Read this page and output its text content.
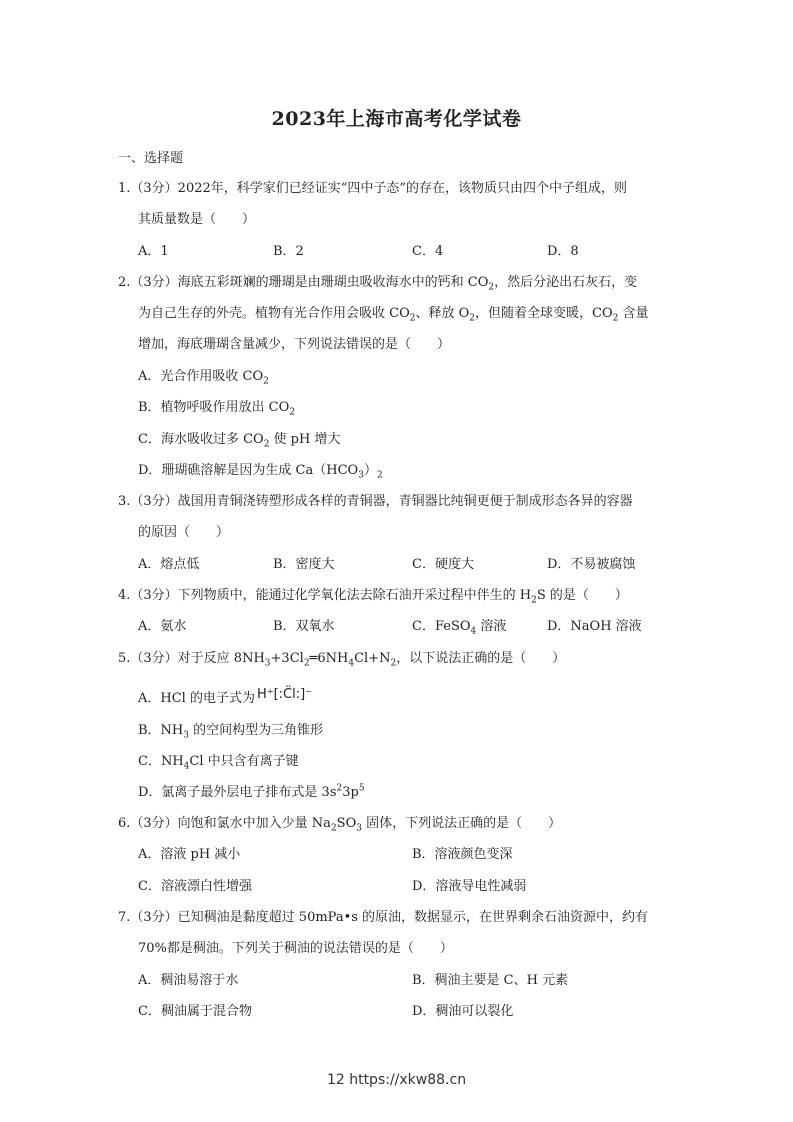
2023年上海市高考化学试卷
一、选择题
1.（3分）2022年，科学家们已经证实“四中子态”的存在，该物质只由四个中子组成，则
其质量数是（　　）
A．1	B．2	C．4	D．8
2.（3分）海底五彩斑斓的珊瑚是由珊瑚虫吸收海水中的钙和 $CO_2$，然后分泌出石灰石，变
为自己生存的外壳。植物有光合作用会吸收 $CO_2$、释放 $O_2$，但随着全球变暖，$CO_2$ 含量
增加，海底珊瑚含量减少，下列说法错误的是（　　）
A．光合作用吸收 $CO_2$
B．植物呼吸作用放出 $CO_2$
C．海水吸收过多 $CO_2$ 使 pH 增大
D．珊瑚礁溶解是因为生成 $Ca(HCO_3)_2$
3.（3分）战国用青铜浇铸塑形成各样的青铜器，青铜器比纯铜更便于制成形态各异的容器
的原因（　　）
A．熔点低	B．密度大	C．硬度大	D．不易被腐蚀
4.（3分）下列物质中，能通过化学氧化法去除石油开采过程中伴生的 $H_2S$ 的是（　　）
A．氨水	B．双氧水	C．FeSO$_4$ 溶液	D．NaOH 溶液
5.（3分）对于反应 $8NH_3+3Cl_2═6NH_4Cl+N_2$，以下说法正确的是（　　）
A．HCl 的电子式为 H⁺[:C̈l:]⁻
B．$NH_3$ 的空间构型为三角锥形
C．$NH_4Cl$ 中只含有离子键
D．氯离子最外层电子排布式是 $3s^23p^5$
6.（3分）向饱和氯水中加入少量 $Na_2SO_3$ 固体，下列说法正确的是（　　）
A．溶液 pH 减小	B．溶液颜色变深
C．溶液漂白性增强	D．溶液导电性减弱
7.（3分）已知稠油是黏度超过 50mPa•s 的原油，数据显示，在世界剩余石油资源中，约有
70%都是稠油。下列关于稠油的说法错误的是（　　）
A．稠油易溶于水	B．稠油主要是 C、H 元素
C．稠油属于混合物	D．稠油可以裂化
12 https://xkw88.cn
